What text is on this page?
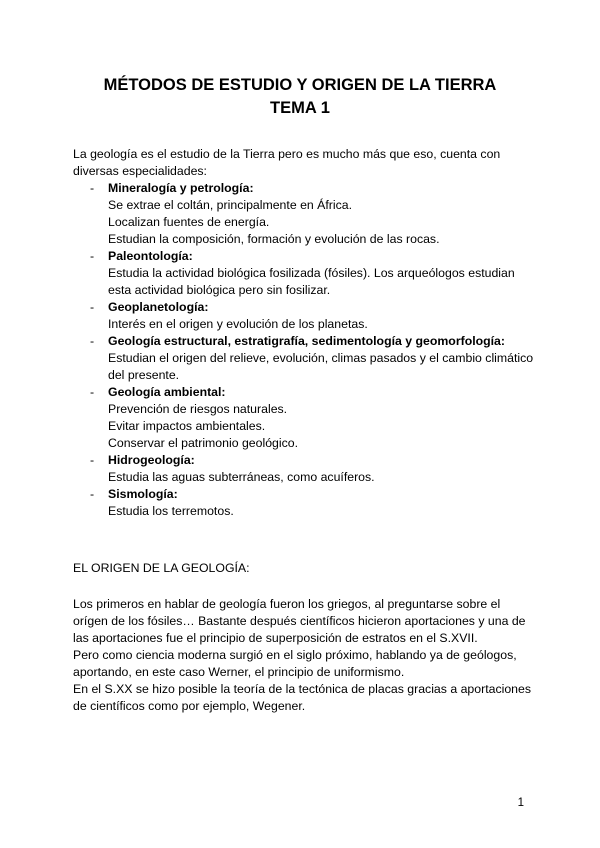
MÉTODOS DE ESTUDIO Y ORIGEN DE LA TIERRA
TEMA 1
La geología es el estudio de la Tierra pero es mucho más que eso, cuenta con diversas especialidades:
- Mineralogía y petrología:
Se extrae el coltán, principalmente en África.
Localizan fuentes de energía.
Estudian la composición, formación y evolución de las rocas.
- Paleontología:
Estudia la actividad biológica fosilizada (fósiles). Los arqueólogos estudian esta actividad biológica pero sin fosilizar.
- Geoplanetología:
Interés en el origen y evolución de los planetas.
- Geología estructural, estratigrafía, sedimentología y geomorfología:
Estudian el origen del relieve, evolución, climas pasados y el cambio climático del presente.
- Geología ambiental:
Prevención de riesgos naturales.
Evitar impactos ambientales.
Conservar el patrimonio geológico.
- Hidrogeología:
Estudia las aguas subterráneas, como acuíferos.
- Sismología:
Estudia los terremotos.
EL ORIGEN DE LA GEOLOGÍA:
Los primeros en hablar de geología fueron los griegos, al preguntarse sobre el orígen de los fósiles… Bastante después científicos hicieron aportaciones y una de las aportaciones fue el principio de superposición de estratos en el S.XVII.
Pero como ciencia moderna surgió en el siglo próximo, hablando ya de geólogos, aportando, en este caso Werner, el principio de uniformismo.
En el S.XX se hizo posible la teoría de la tectónica de placas gracias a aportaciones de científicos como por ejemplo, Wegener.
1
